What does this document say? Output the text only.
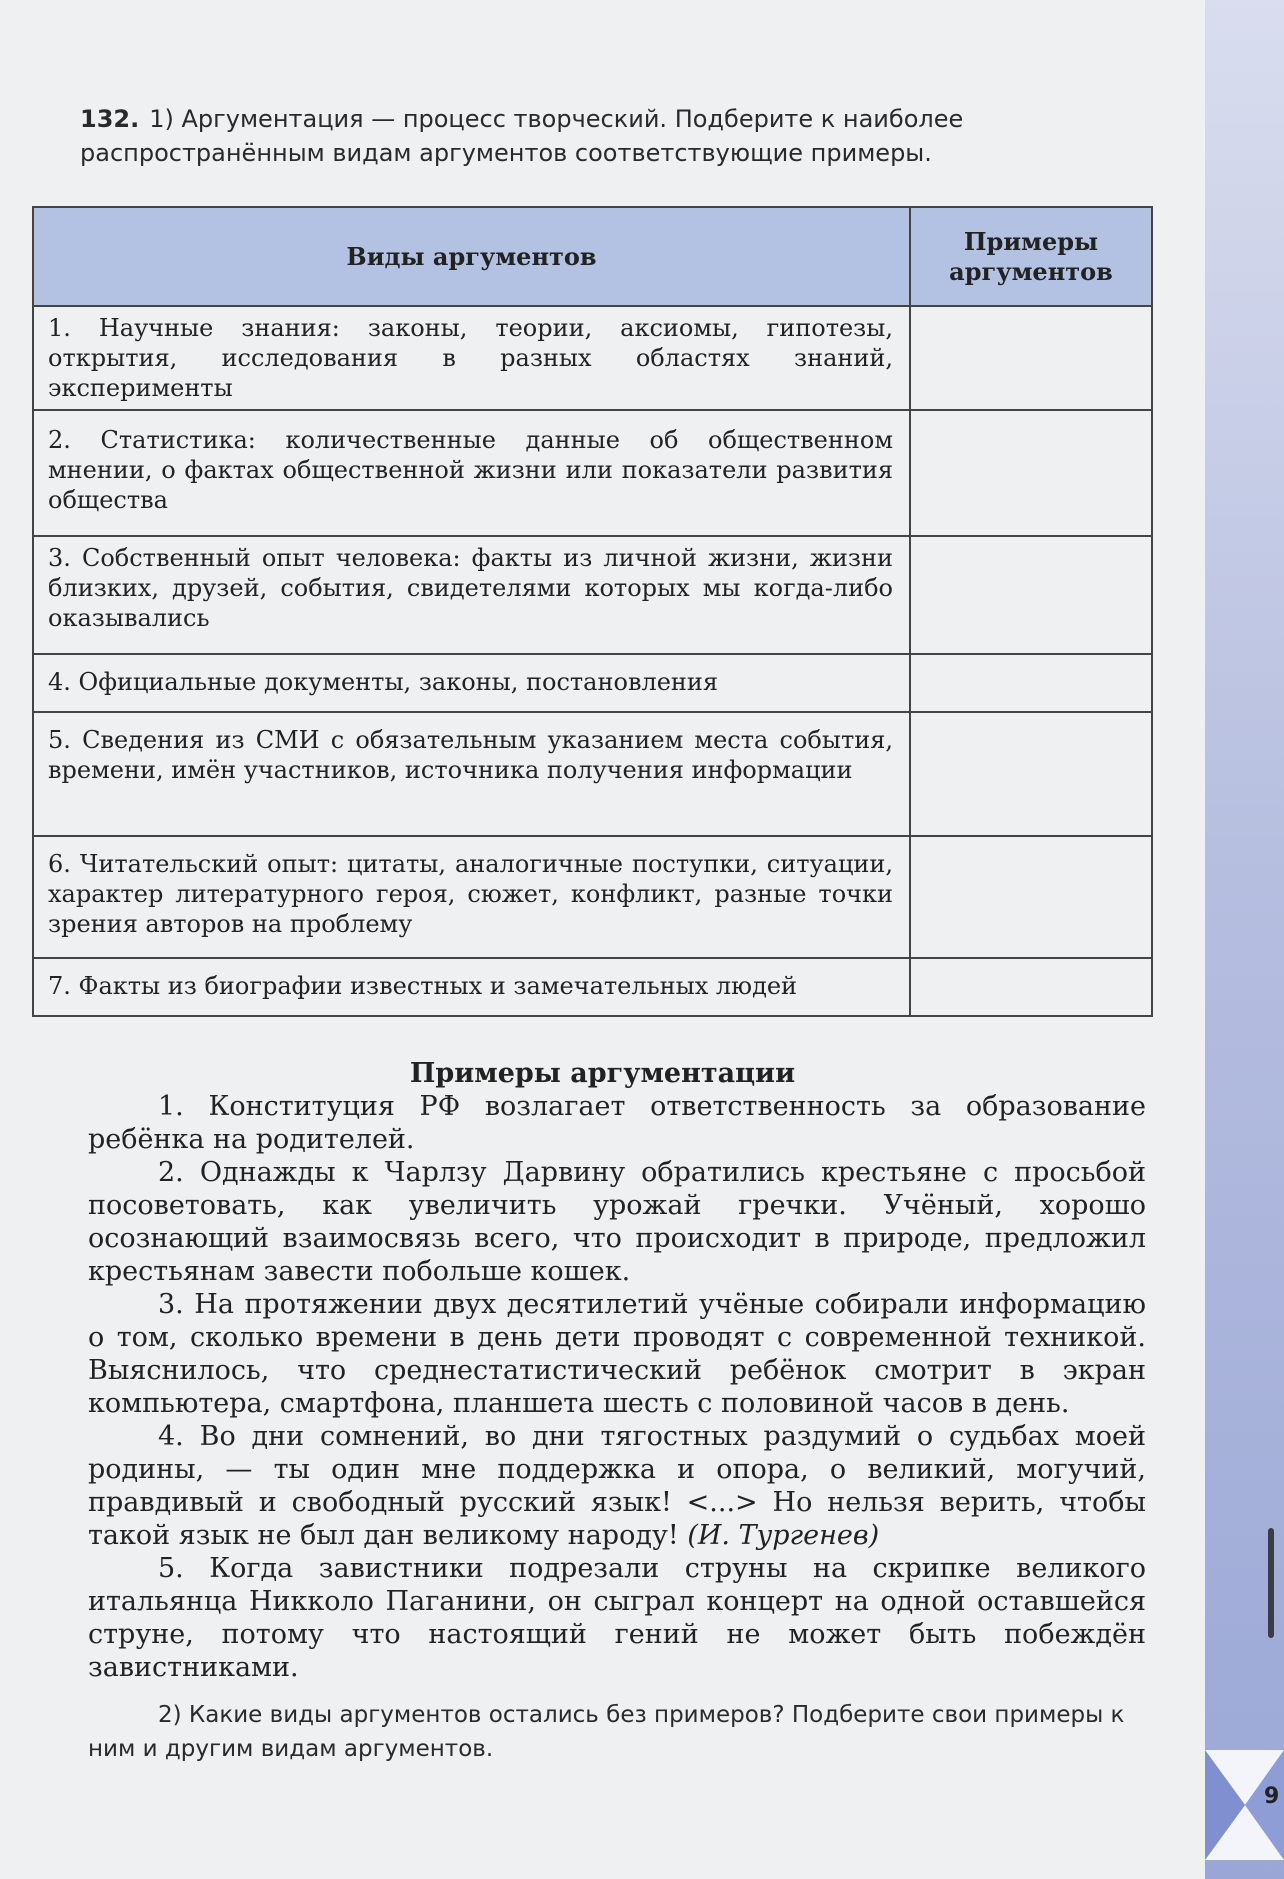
132. 1) Аргументация — процесс творческий. Подберите к наиболее распространённым видам аргументов соответствующие примеры.
Виды аргументов	Примеры аргументов
1. Научные знания: законы, теории, аксиомы, гипотезы, открытия, исследования в разных областях знаний, эксперименты	
2. Статистика: количественные данные об общественном мнении, о фактах общественной жизни или показатели развития общества	
3. Собственный опыт человека: факты из личной жизни, жизни близких, друзей, события, свидетелями которых мы когда-либо оказывались	
4. Официальные документы, законы, постановления	
5. Сведения из СМИ с обязательным указанием места события, времени, имён участников, источника получения информации	
6. Читательский опыт: цитаты, аналогичные поступки, ситуации, характер литературного героя, сюжет, конфликт, разные точки зрения авторов на проблему	
7. Факты из биографии известных и замечательных людей	
Примеры аргументации

1. Конституция РФ возлагает ответственность за образование ребёнка на родителей.

2. Однажды к Чарлзу Дарвину обратились крестьяне с просьбой посоветовать, как увеличить урожай гречки. Учёный, хорошо осознающий взаимосвязь всего, что происходит в природе, предложил крестьянам завести побольше кошек.

3. На протяжении двух десятилетий учёные собирали информацию о том, сколько времени в день дети проводят с современной техникой. Выяснилось, что среднестатистический ребёнок смотрит в экран компьютера, смартфона, планшета шесть с половиной часов в день.

4. Во дни сомнений, во дни тягостных раздумий о судьбах моей родины, — ты один мне поддержка и опора, о великий, могучий, правдивый и свободный русский язык! <...> Но нельзя верить, чтобы такой язык не был дан великому народу! (И. Тургенев)

5. Когда завистники подрезали струны на скрипке великого итальянца Никколо Паганини, он сыграл концерт на одной оставшейся струне, потому что настоящий гений не может быть побеждён завистниками.

2) Какие виды аргументов остались без примеров? Подберите свои примеры к ним и другим видам аргументов.
9
